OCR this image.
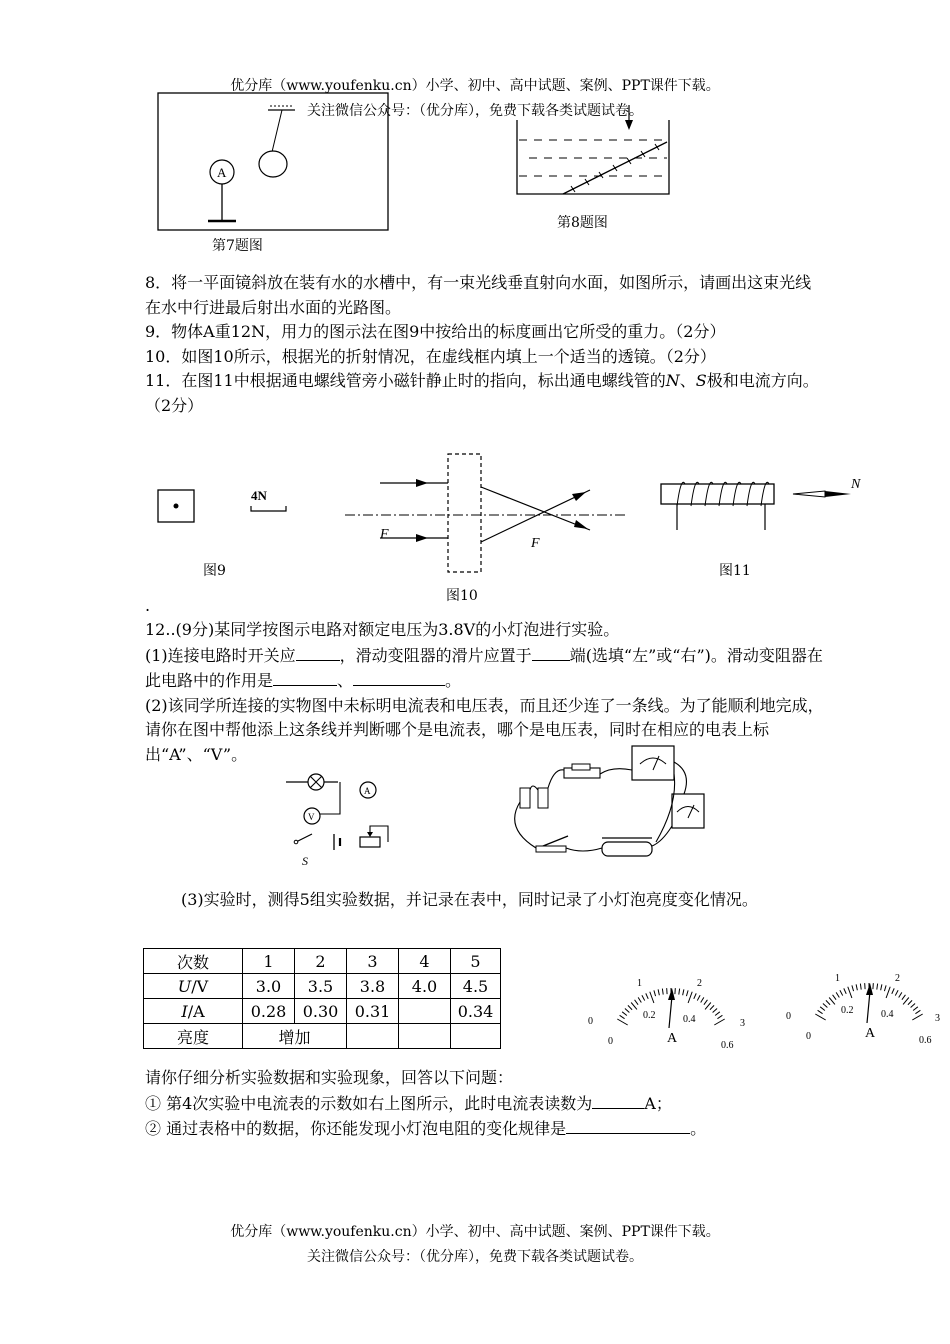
优分库（www.youfenku.cn）小学、初中、高中试题、案例、PPT课件下载。
关注微信公众号：（优分库），免费下载各类试题试卷。
A
第7题图
第8题图

8．将一平面镜斜放在装有水的水槽中，有一束光线垂直射向水面，如图所示，请画出这束光线在水中行进最后射出水面的光路图。

9．物体A重12N，用力的图示法在图9中按给出的标度画出它所受的重力。（2分）

10．如图10所示，根据光的折射情况，在虚线框内填上一个适当的透镜。（2分）

11．在图11中根据通电螺线管旁小磁针静止时的指向，标出通电螺线管的N、S极和电流方向。（2分）

4N
图9
F
F
图10
N
图11
.

12..(9分)某同学按图示电路对额定电压为3.8V的小灯泡进行实验。

(1)连接电路时开关应	，滑动变阻器的滑片应置于 端(选填“左”或“右”)。滑动变阻器在此电路中的作用是	、	。

(2)该同学所连接的实物图中未标明电流表和电压表，而且还少连了一条线。为了能顺利地完成，请你在图中帮他添上这条线并判断哪个是电流表，哪个是电压表，同时在相应的电表上标出“A”、“V”。

A
V
S

(3)实验时，测得5组实验数据，并记录在表中，同时记录了小灯泡亮度变化情况。

次数	1	2	3	4	5
U/V	3.0	3.5	3.8	4.0	4.5
I/A	0.28	0.30	0.31		0.34
亮度	增加				
0
1	2
3
0
0.2	0.4
0.6
A
0
1	2
3
0
0.2	0.4
0.6
A

请你仔细分析实验数据和实验现象，回答以下问题：

① 第4次实验中电流表的示数如右上图所示，此时电流表读数为	A；

② 通过表格中的数据，你还能发现小灯泡电阻的变化规律是	。

优分库（www.youfenku.cn）小学、初中、高中试题、案例、PPT课件下载。
关注微信公众号：（优分库），免费下载各类试题试卷。
